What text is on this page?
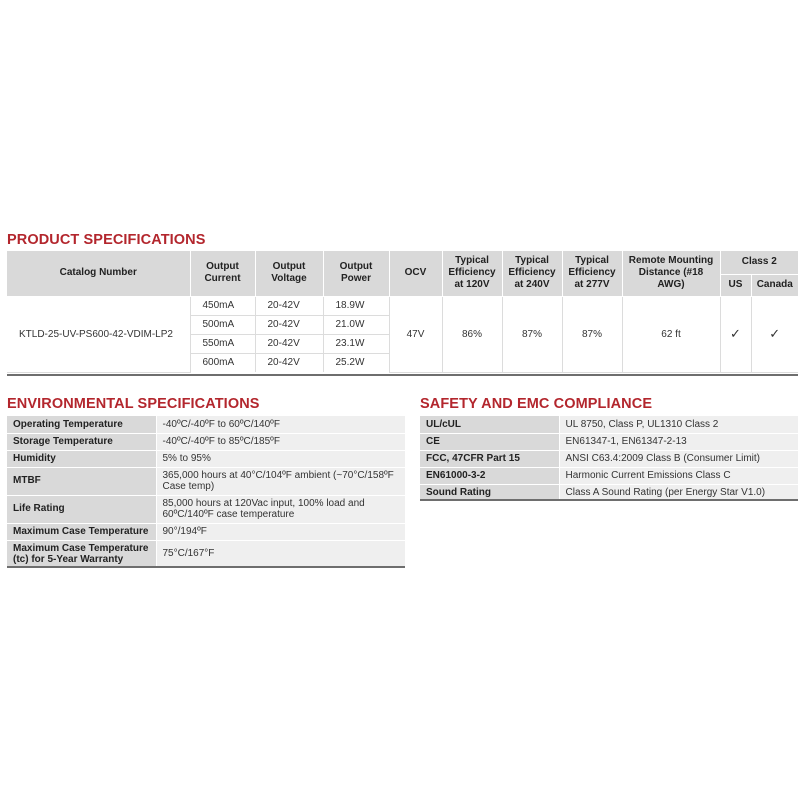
PRODUCT SPECIFICATIONS
Catalog Number	Output Current	Output Voltage	Output Power	OCV	Typical Efficiency at 120V	Typical Efficiency at 240V	Typical Efficiency at 277V	Remote Mounting Distance (#18 AWG)	Class 2	
									US	Canada
KTLD-25-UV-PS600-42-VDIM-LP2	450mA	20-42V	18.9W	47V	86%	87%	87%	62 ft	✓	✓
	500mA	20-42V	21.0W							
	550mA	20-42V	23.1W							
	600mA	20-42V	25.2W							
ENVIRONMENTAL SPECIFICATIONS
Operating Temperature	-40ºC/-40ºF to 60ºC/140ºF
Storage Temperature	-40ºC/-40ºF to 85ºC/185ºF
Humidity	5% to 95%
MTBF	365,000 hours at 40°C/104ºF ambient (~70°C/158ºF Case temp)
Life Rating	85,000 hours at 120Vac input, 100% load and 60ºC/140ºF case temperature
Maximum Case Temperature	90°/194ºF
Maximum Case Temperature (tc) for 5-Year Warranty	75°C/167°F
SAFETY AND EMC COMPLIANCE
UL/cUL	UL 8750, Class P, UL1310 Class 2
CE	EN61347-1, EN61347-2-13
FCC, 47CFR Part 15	ANSI C63.4:2009 Class B (Consumer Limit)
EN61000-3-2	Harmonic Current Emissions Class C
Sound Rating	Class A Sound Rating (per Energy Star V1.0)
